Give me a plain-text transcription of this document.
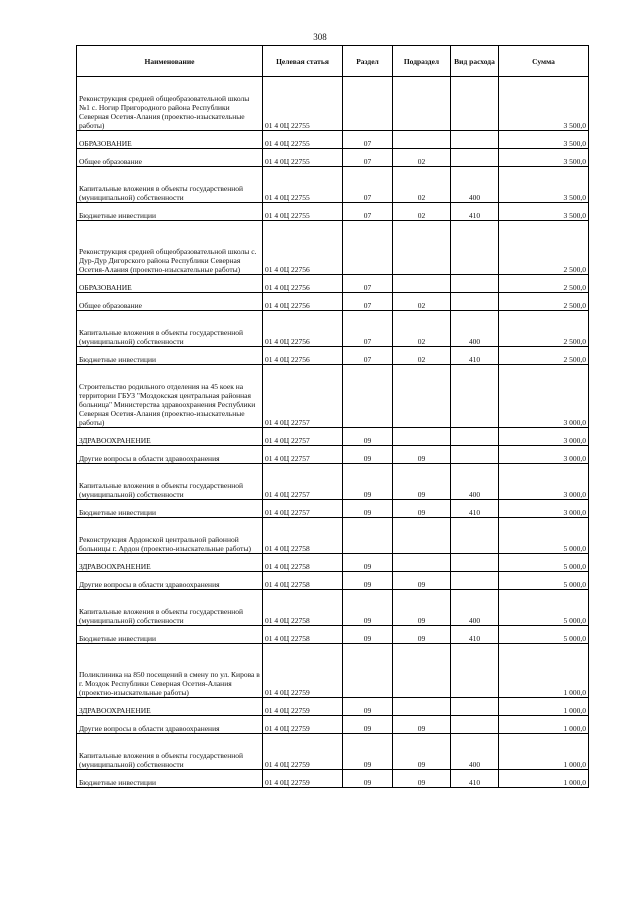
308
Наименование	Целевая статья	Раздел	Подраздел	Вид расхода	Сумма
Реконструкция средней общеобразовательной школы №1 с. Ногир Пригородного района Республики Северная Осетия-Алания (проектно-изыскательные работы)	01 4 0Ц 22755				3 500,0
ОБРАЗОВАНИЕ	01 4 0Ц 22755	07			3 500,0
Общее образование	01 4 0Ц 22755	07	02		3 500,0
Капитальные вложения в объекты государственной (муниципальной) собственности	01 4 0Ц 22755	07	02	400	3 500,0
Бюджетные инвестиции	01 4 0Ц 22755	07	02	410	3 500,0
Реконструкция средней общеобразовательной школы с. Дур-Дур Дигорского района Республики Северная Осетия-Алания (проектно-изыскательные работы)	01 4 0Ц 22756				2 500,0
ОБРАЗОВАНИЕ	01 4 0Ц 22756	07			2 500,0
Общее образование	01 4 0Ц 22756	07	02		2 500,0
Капитальные вложения в объекты государственной (муниципальной) собственности	01 4 0Ц 22756	07	02	400	2 500,0
Бюджетные инвестиции	01 4 0Ц 22756	07	02	410	2 500,0
Строительство родильного отделения на 45 коек на территории ГБУЗ "Моздокская центральная районная больница" Министерства здравоохранения Республики Северная Осетия-Алания (проектно-изыскательные работы)	01 4 0Ц 22757				3 000,0
ЗДРАВООХРАНЕНИЕ	01 4 0Ц 22757	09			3 000,0
Другие вопросы в области здравоохранения	01 4 0Ц 22757	09	09		3 000,0
Капитальные вложения в объекты государственной (муниципальной) собственности	01 4 0Ц 22757	09	09	400	3 000,0
Бюджетные инвестиции	01 4 0Ц 22757	09	09	410	3 000,0
Реконструкция Ардонской центральной районной больницы г. Ардон (проектно-изыскательные работы)	01 4 0Ц 22758				5 000,0
ЗДРАВООХРАНЕНИЕ	01 4 0Ц 22758	09			5 000,0
Другие вопросы в области здравоохранения	01 4 0Ц 22758	09	09		5 000,0
Капитальные вложения в объекты государственной (муниципальной) собственности	01 4 0Ц 22758	09	09	400	5 000,0
Бюджетные инвестиции	01 4 0Ц 22758	09	09	410	5 000,0
Поликлиника на 850 посещений в смену по ул. Кирова в г. Моздок Республики Северная Осетия-Алания (проектно-изыскательные работы)	01 4 0Ц 22759				1 000,0
ЗДРАВООХРАНЕНИЕ	01 4 0Ц 22759	09			1 000,0
Другие вопросы в области здравоохранения	01 4 0Ц 22759	09	09		1 000,0
Капитальные вложения в объекты государственной (муниципальной) собственности	01 4 0Ц 22759	09	09	400	1 000,0
Бюджетные инвестиции	01 4 0Ц 22759	09	09	410	1 000,0
